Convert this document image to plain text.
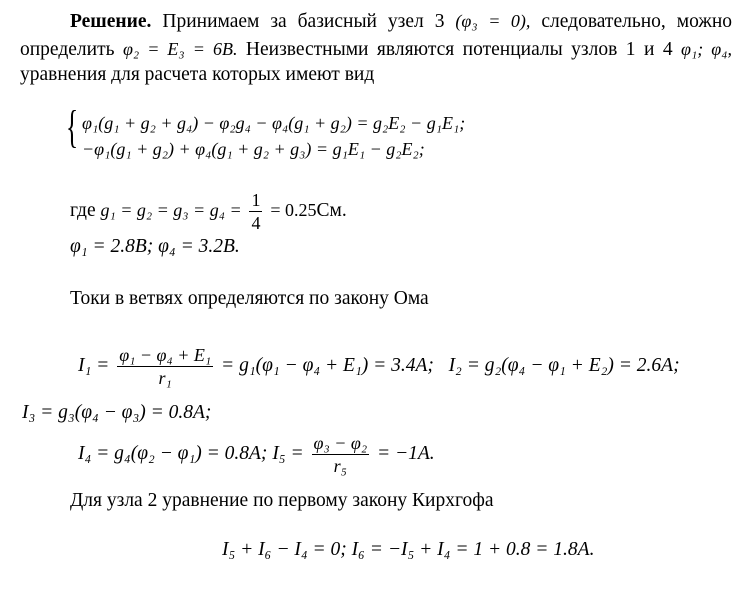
Решение. Принимаем за базисный узел 3 (φ₃ = 0), следовательно, можно
определить φ₂ = E₃ = 6B. Неизвестными являются потенциалы узлов 1 и 4 φ₁; φ₄,
уравнения для расчета которых имеют вид
{ φ₁(g₁ + g₂ + g₄) − φ₂g₄ − φ₄(g₁ + g₂) = g₂E₂ − g₁E₁;
−φ₁(g₁ + g₂) + φ₄(g₁ + g₂ + g₃) = g₁E₁ − g₂E₂;
где $g_1 = g_2 = g_3 = g_4 = \frac{1}{4} = 0.25См$.
φ₁ = 2.8B; φ₄ = 3.2B.
Токи в ветвях определяются по закону Ома
$I_1 = \frac{\text{φ₁ − φ₄ + E₁}}{\text{r₁}} = g_1(\varphi_1 - \varphi_4 + E_1) = 3.4A$; I₂ = g₂(φ₄ − φ₁ + E₂) = 2.6A;
I₃ = g₃(φ₄ − φ₃) = 0.8A;
I₄ = g₄(φ₂ − φ₁) = 0.8A; $I_5 = \frac{\text{φ₃ − φ₂}}{\text{r₅}} = -1A$.
Для узла 2 уравнение по первому закону Кирхгофа
I₅ + I₆ − I₄ = 0; I₆ = −I₅ + I₄ = 1 + 0.8 = 1.8A.
